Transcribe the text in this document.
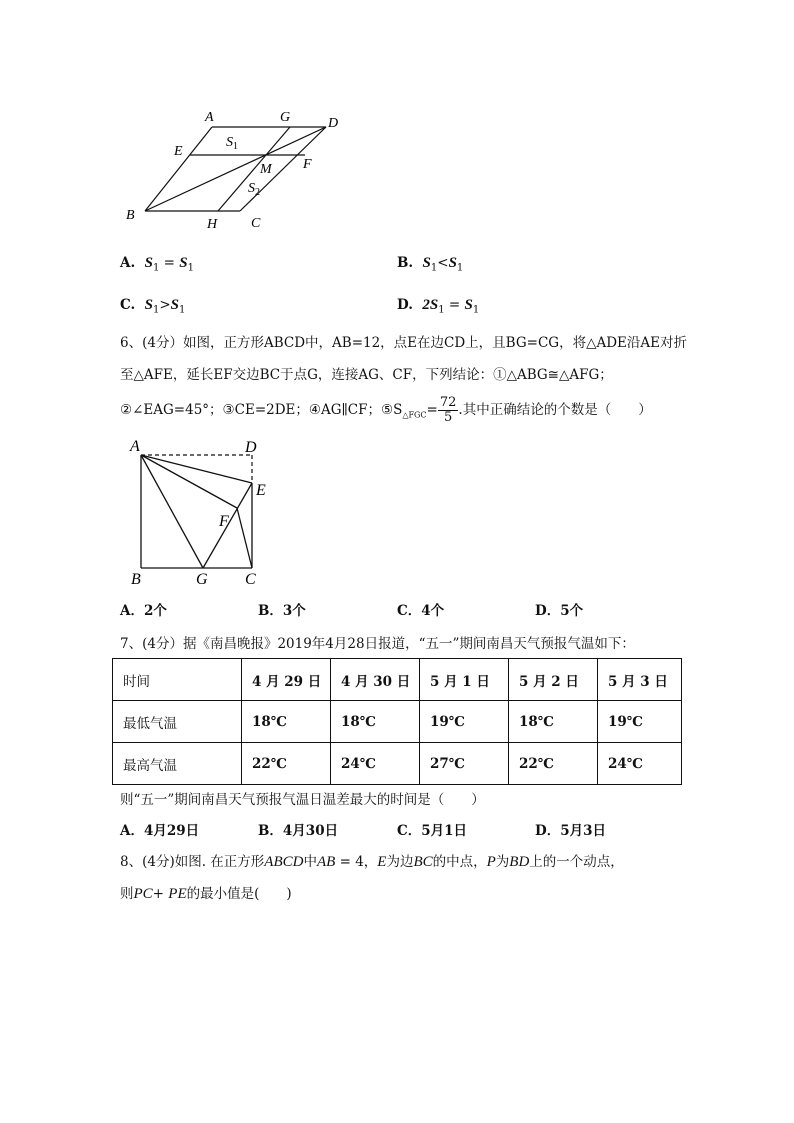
A	G	D
E
$S_1$
M F
$S_2$
B
H C
A. $S_1 = S_1$	B. $S_1<S_1$
C. $S_1>S_1$	D. $2S_1 = S_1$
6、(4分）如图，正方形ABCD中，AB=12，点E在边CD上，且BG=CG，将△ADE沿AE对折
至△AFE，延长EF交边BC于点G，连接AG、CF，下列结论：①△ABG≅△AFG；
②∠EAG=45°；③CE=2DE；④AG∥CF；$⑤S_{\triangle FGC}= \frac{72}{5}$ .其中正确结论的个数是（　　）
A	D
E
F
B	G C
A．2个	B．3个	C．4个	D．5个
7、(4分）据《南昌晚报》2019年4月28日报道，“五一”期间南昌天气预报气温如下：
时间	4 月 29 日	4 月 30 日	5 月 1 日	5 月 2 日	5 月 3 日
最低气温	18℃	18℃	19℃	18℃	19℃
最高气温	22℃	24℃	27℃	22℃	24℃
则“五一”期间南昌天气预报气温日温差最大的时间是（　　）
A．4月29日	B．4月30日	C．5月1日	D．5月3日
8、(4分)如图. 在正方形ABCD中AB = 4，E为边BC的中点，P为BD上的一个动点，
则PC+ PE的最小值是(　　)
